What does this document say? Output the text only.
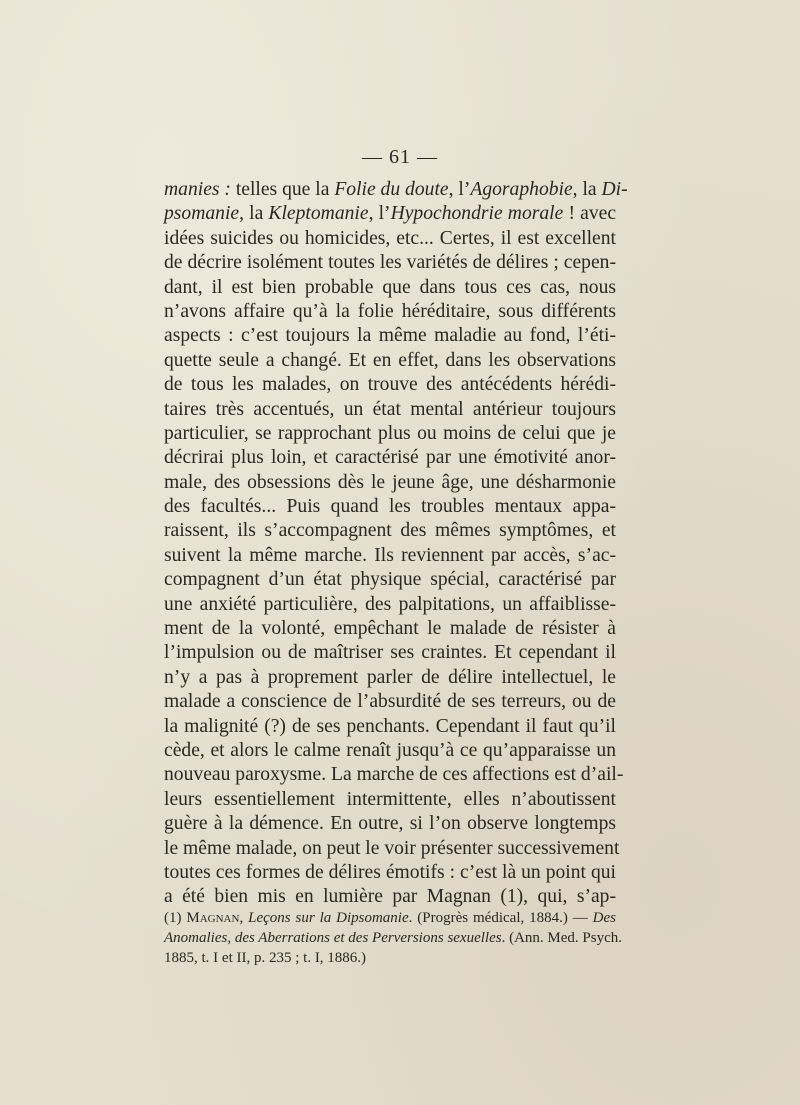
— 61 —
manies : telles que la Folie du doute, l’Agoraphobie, la Di-
psomanie, la Kleptomanie, l’Hypochondrie morale ! avec
idées suicides ou homicides, etc... Certes, il est excellent
de décrire isolément toutes les variétés de délires ; cepen-
dant, il est bien probable que dans tous ces cas, nous
n’avons affaire qu’à la folie héréditaire, sous différents
aspects : c’est toujours la même maladie au fond, l’éti-
quette seule a changé. Et en effet, dans les observations
de tous les malades, on trouve des antécédents hérédi-
taires très accentués, un état mental antérieur toujours
particulier, se rapprochant plus ou moins de celui que je
décrirai plus loin, et caractérisé par une émotivité anor-
male, des obsessions dès le jeune âge, une désharmonie
des facultés... Puis quand les troubles mentaux appa-
raissent, ils s’accompagnent des mêmes symptômes, et
suivent la même marche. Ils reviennent par accès, s’ac-
compagnent d’un état physique spécial, caractérisé par
une anxiété particulière, des palpitations, un affaiblisse-
ment de la volonté, empêchant le malade de résister à
l’impulsion ou de maîtriser ses craintes. Et cependant il
n’y a pas à proprement parler de délire intellectuel, le
malade a conscience de l’absurdité de ses terreurs, ou de
la malignité (?) de ses penchants. Cependant il faut qu’il
cède, et alors le calme renaît jusqu’à ce qu’apparaisse un
nouveau paroxysme. La marche de ces affections est d’ail-
leurs essentiellement intermittente, elles n’aboutissent
guère à la démence. En outre, si l’on observe longtemps
le même malade, on peut le voir présenter successivement
toutes ces formes de délires émotifs : c’est là un point qui
a été bien mis en lumière par Magnan (1), qui, s’ap-
(1) Magnan, Leçons sur la Dipsomanie. (Progrès médical, 1884.) — Des
Anomalies, des Aberrations et des Perversions sexuelles. (Ann. Med. Psych.
1885, t. I et II, p. 235 ; t. I, 1886.)
